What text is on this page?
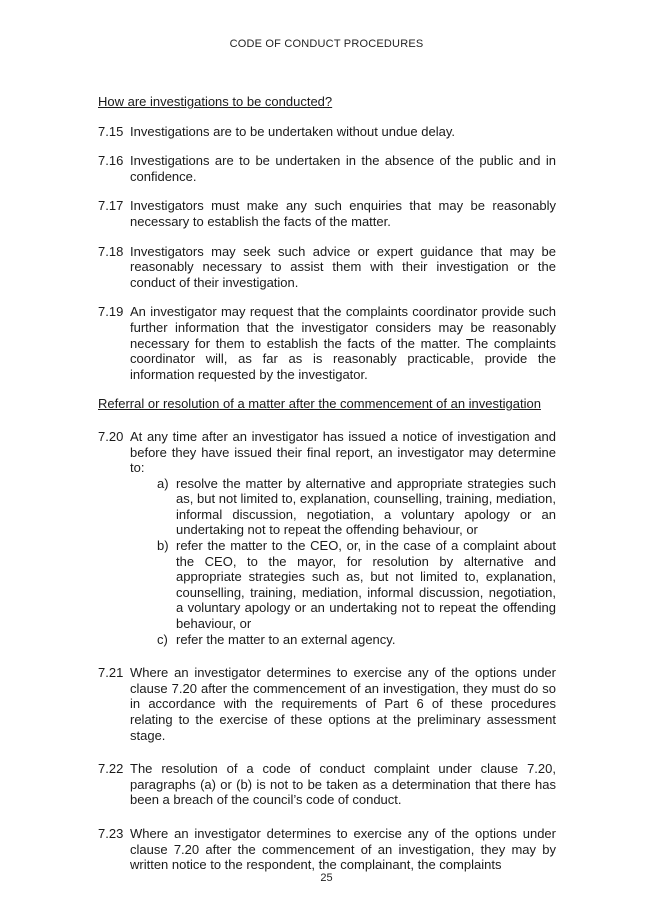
CODE OF CONDUCT PROCEDURES
How are investigations to be conducted?
7.15 Investigations are to be undertaken without undue delay.
7.16 Investigations are to be undertaken in the absence of the public and in confidence.
7.17 Investigators must make any such enquiries that may be reasonably necessary to establish the facts of the matter.
7.18 Investigators may seek such advice or expert guidance that may be reasonably necessary to assist them with their investigation or the conduct of their investigation.
7.19 An investigator may request that the complaints coordinator provide such further information that the investigator considers may be reasonably necessary for them to establish the facts of the matter. The complaints coordinator will, as far as is reasonably practicable, provide the information requested by the investigator.
Referral or resolution of a matter after the commencement of an investigation
7.20 At any time after an investigator has issued a notice of investigation and before they have issued their final report, an investigator may determine to:
a) resolve the matter by alternative and appropriate strategies such as, but not limited to, explanation, counselling, training, mediation, informal discussion, negotiation, a voluntary apology or an undertaking not to repeat the offending behaviour, or
b) refer the matter to the CEO, or, in the case of a complaint about the CEO, to the mayor, for resolution by alternative and appropriate strategies such as, but not limited to, explanation, counselling, training, mediation, informal discussion, negotiation, a voluntary apology or an undertaking not to repeat the offending behaviour, or
c) refer the matter to an external agency.
7.21 Where an investigator determines to exercise any of the options under clause 7.20 after the commencement of an investigation, they must do so in accordance with the requirements of Part 6 of these procedures relating to the exercise of these options at the preliminary assessment stage.
7.22 The resolution of a code of conduct complaint under clause 7.20, paragraphs (a) or (b) is not to be taken as a determination that there has been a breach of the council’s code of conduct.
7.23 Where an investigator determines to exercise any of the options under clause 7.20 after the commencement of an investigation, they may by written notice to the respondent, the complainant, the complaints
25
